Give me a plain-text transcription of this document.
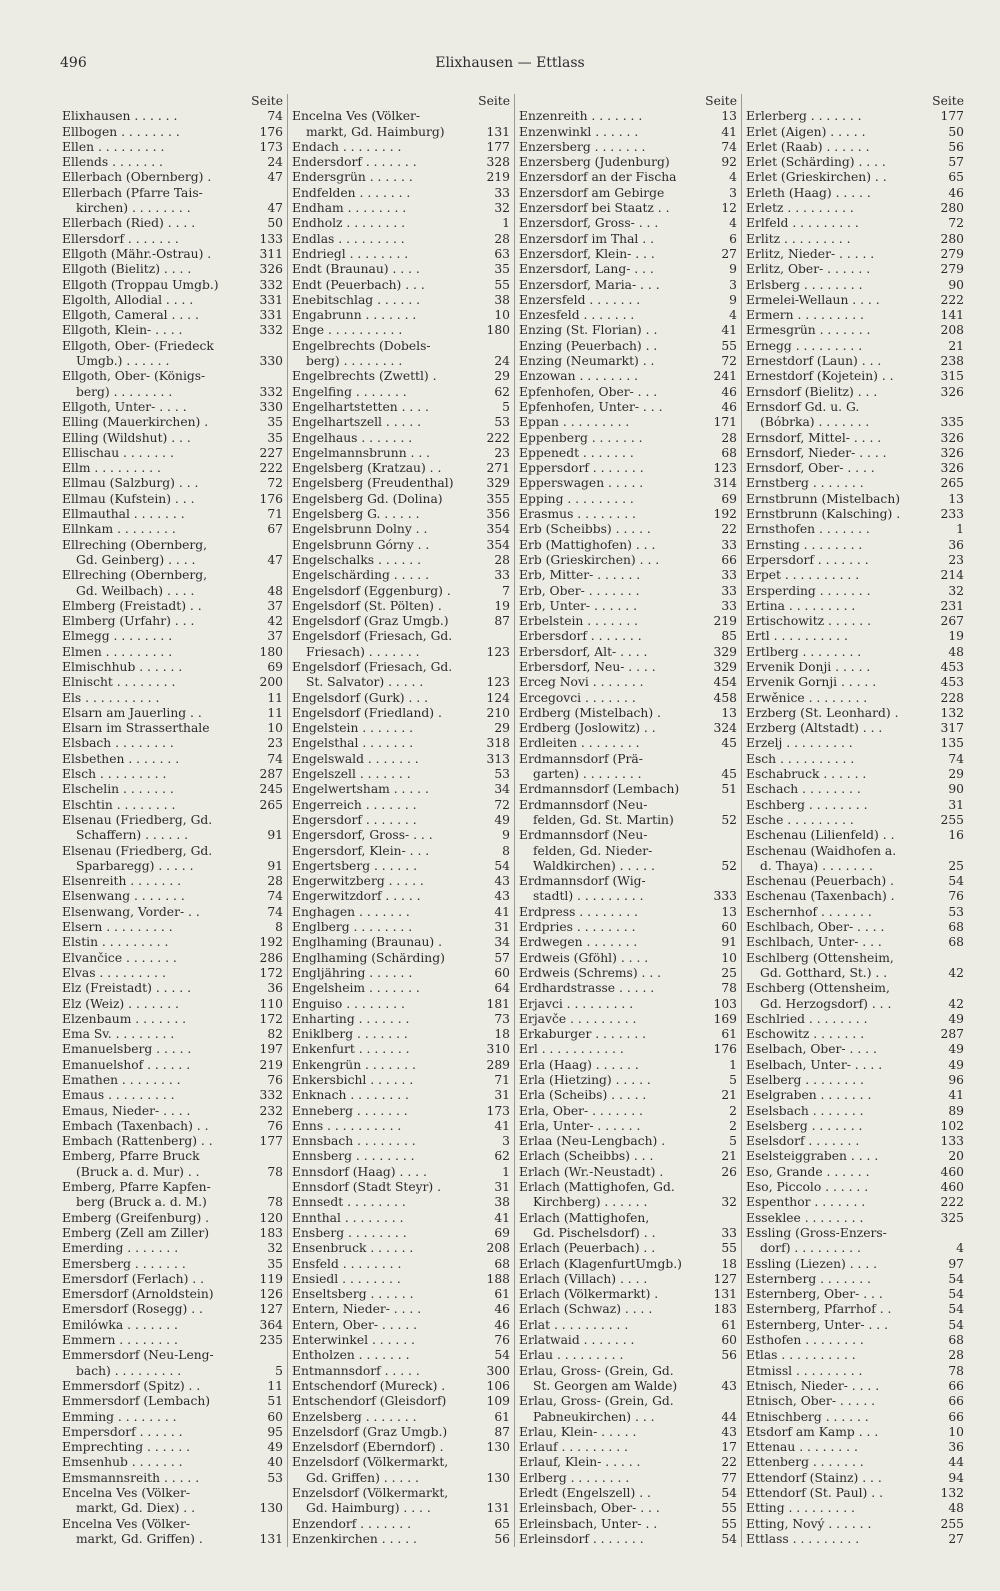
496	Elixhausen — Ettlass
Seite
74
Elixhausen . . . . . .
176
Ellbogen . . . . . . . .
173
Ellen . . . . . . . . .
24
Ellends . . . . . . .
47
Ellerbach (Obernberg) .
Ellerbach (Pfarre Tais-
47
kirchen) . . . . . . . .
50
Ellerbach (Ried) . . . .
133
Ellersdorf . . . . . . .
311
Ellgoth (Mähr.-Ostrau) .
326
Ellgoth (Bielitz) . . . .
332
Ellgoth (Troppau Umgb.)
331
Elgolth, Allodial . . . .
331
Ellgoth, Cameral . . . .
332
Ellgoth, Klein- . . . .
Ellgoth, Ober- (Friedeck
330
Umgb.) . . . . . .
Ellgoth, Ober- (Königs-
332
berg) . . . . . . . .
330
Ellgoth, Unter- . . . .
35
Elling (Mauerkirchen) .
35
Elling (Wildshut) . . .
227
Ellischau . . . . . . .
222
Ellm . . . . . . . . .
72
Ellmau (Salzburg) . . .
176
Ellmau (Kufstein) . . .
71
Ellmauthal . . . . . . .
67
Ellnkam . . . . . . . .
Ellreching (Obernberg,
47
Gd. Geinberg) . . . .
Ellreching (Obernberg,
48
Gd. Weilbach) . . . .
37
Elmberg (Freistadt) . .
42
Elmberg (Urfahr) . . .
37
Elmegg . . . . . . . .
180
Elmen . . . . . . . . .
69
Elmischhub . . . . . .
200
Elnischt . . . . . . . .
11
Els . . . . . . . . . .
11
Elsarn am Jauerling . .
10
Elsarn im Strasserthale
23
Elsbach . . . . . . . .
74
Elsbethen . . . . . . .
287
Elsch . . . . . . . . .
245
Elschelin . . . . . . .
265
Elschtin . . . . . . . .
Elsenau (Friedberg, Gd.
91
Schaffern) . . . . . .
Elsenau (Friedberg, Gd.
91
Sparbaregg) . . . . .
28
Elsenreith . . . . . . .
74
Elsenwang . . . . . . .
74
Elsenwang, Vorder- . .
8
Elsern . . . . . . . . .
192
Elstin . . . . . . . . .
286
Elvančice . . . . . . .
172
Elvas . . . . . . . . .
36
Elz (Freistadt) . . . . .
110
Elz (Weiz) . . . . . . .
172
Elzenbaum . . . . . . .
82
Ema Sv. . . . . . . . .
197
Emanuelsberg . . . . .
219
Emanuelshof . . . . . .
76
Emathen . . . . . . . .
332
Emaus . . . . . . . . .
232
Emaus, Nieder- . . . .
76
Embach (Taxenbach) . .
177
Embach (Rattenberg) . .
Emberg, Pfarre Bruck
78
(Bruck a. d. Mur) . .
Emberg, Pfarre Kapfen-
78
berg (Bruck a. d. M.)
120
Emberg (Greifenburg) .
183
Emberg (Zell am Ziller)
32
Emerding . . . . . . .
35
Emersberg . . . . . . .
119
Emersdorf (Ferlach) . .
126
Emersdorf (Arnoldstein)
127
Emersdorf (Rosegg) . .
364
Emilówka . . . . . . .
235
Emmern . . . . . . . .
Emmersdorf (Neu-Leng-
5
bach) . . . . . . . . .
11
Emmersdorf (Spitz) . .
51
Emmersdorf (Lembach)
60
Emming . . . . . . . .
95
Empersdorf . . . . . .
49
Emprechting . . . . . .
40
Emsenhub . . . . . . .
53
Emsmannsreith . . . . .
Encelna Ves (Völker-
130
markt, Gd. Diex) . .
Encelna Ves (Völker-
131
markt, Gd. Griffen) .
Seite
Encelna Ves (Völker-
131
markt, Gd. Haimburg)
177
Endach . . . . . . . .
328
Endersdorf . . . . . . .
219
Endersgrün . . . . . .
33
Endfelden . . . . . . .
32
Endham . . . . . . . .
1
Endholz . . . . . . . .
28
Endlas . . . . . . . . .
63
Endriegl . . . . . . . .
35
Endt (Braunau) . . . .
55
Endt (Peuerbach) . . .
38
Enebitschlag . . . . . .
10
Engabrunn . . . . . . .
180
Enge . . . . . . . . . .
Engelbrechts (Dobels-
24
berg) . . . . . . . .
29
Engelbrechts (Zwettl) .
62
Engelfing . . . . . . .
5
Engelhartstetten . . . .
53
Engelhartszell . . . . .
222
Engelhaus . . . . . . .
23
Engelmannsbrunn . . .
271
Engelsberg (Kratzau) . .
329
Engelsberg (Freudenthal)
355
Engelsberg Gd. (Dolina)
356
Engelsberg G. . . . . .
354
Engelsbrunn Dolny . .
354
Engelsbrunn Górny . .
28
Engelschalks . . . . . .
33
Engelschärding . . . . .
7
Engelsdorf (Eggenburg) .
19
Engelsdorf (St. Pölten) .
87
Engelsdorf (Graz Umgb.)
Engelsdorf (Friesach, Gd.
123
Friesach) . . . . . . .
Engelsdorf (Friesach, Gd.
123
St. Salvator) . . . . .
124
Engelsdorf (Gurk) . . .
210
Engelsdorf (Friedland) .
29
Engelstein . . . . . . .
318
Engelsthal . . . . . . .
313
Engelswald . . . . . . .
53
Engelszell . . . . . . .
34
Engelwertsham . . . . .
72
Engerreich . . . . . . .
49
Engersdorf . . . . . . .
9
Engersdorf, Gross- . . .
8
Engersdorf, Klein- . . .
54
Engertsberg . . . . . .
43
Engerwitzberg . . . . .
43
Engerwitzdorf . . . . .
41
Enghagen . . . . . . .
31
Englberg . . . . . . . .
34
Englhaming (Braunau) .
57
Englhaming (Schärding)
60
Engljähring . . . . . .
64
Engelsheim . . . . . . .
181
Enguiso . . . . . . . .
73
Enharting . . . . . . .
18
Eniklberg . . . . . . .
310
Enkenfurt . . . . . . .
289
Enkengrün . . . . . . .
71
Enkersbichl . . . . . .
31
Enknach . . . . . . . .
173
Enneberg . . . . . . .
41
Enns . . . . . . . . . .
3
Ennsbach . . . . . . . .
62
Ennsberg . . . . . . . .
1
Ennsdorf (Haag) . . . .
31
Ennsdorf (Stadt Steyr) .
38
Ennsedt . . . . . . . .
41
Ennthal . . . . . . . .
69
Ensberg . . . . . . . .
208
Ensenbruck . . . . . .
68
Ensfeld . . . . . . . .
188
Ensiedl . . . . . . . .
61
Enseltsberg . . . . . .
46
Entern, Nieder- . . . .
46
Entern, Ober- . . . . .
76
Enterwinkel . . . . . .
54
Entholzen . . . . . . .
300
Entmannsdorf . . . . .
106
Entschendorf (Mureck) .
109
Entschendorf (Gleisdorf)
61
Enzelsberg . . . . . . .
87
Enzelsdorf (Graz Umgb.)
130
Enzelsdorf (Eberndorf) .
Enzelsdorf (Völkermarkt,
130
Gd. Griffen) . . . . .
Enzelsdorf (Völkermarkt,
131
Gd. Haimburg) . . . .
65
Enzendorf . . . . . . .
56
Enzenkirchen . . . . .
Seite
13
Enzenreith . . . . . . .
41
Enzenwinkl . . . . . .
74
Enzersberg . . . . . . .
92
Enzersberg (Judenburg)
4
Enzersdorf an der Fischa
3
Enzersdorf am Gebirge
12
Enzersdorf bei Staatz . .
4
Enzersdorf, Gross- . . .
6
Enzersdorf im Thal . .
27
Enzersdorf, Klein- . . .
9
Enzersdorf, Lang- . . .
3
Enzersdorf, Maria- . . .
9
Enzersfeld . . . . . . .
4
Enzesfeld . . . . . . .
41
Enzing (St. Florian) . .
55
Enzing (Peuerbach) . .
72
Enzing (Neumarkt) . .
241
Enzowan . . . . . . . .
46
Epfenhofen, Ober- . . .
46
Epfenhofen, Unter- . . .
171
Eppan . . . . . . . . .
28
Eppenberg . . . . . . .
68
Eppenedt . . . . . . .
123
Eppersdorf . . . . . . .
314
Epperswagen . . . . .
69
Epping . . . . . . . . .
192
Erasmus . . . . . . . .
22
Erb (Scheibbs) . . . . .
33
Erb (Mattighofen) . . .
66
Erb (Grieskirchen) . . .
33
Erb, Mitter- . . . . . .
33
Erb, Ober- . . . . . . .
33
Erb, Unter- . . . . . .
219
Erbelstein . . . . . . .
85
Erbersdorf . . . . . . .
329
Erbersdorf, Alt- . . . .
329
Erbersdorf, Neu- . . . .
454
Erceg Novi . . . . . . .
458
Ercegovci . . . . . . .
13
Erdberg (Mistelbach) .
324
Erdberg (Joslowitz) . .
45
Erdleiten . . . . . . . .
Erdmannsdorf (Prä-
45
garten) . . . . . . . .
51
Erdmannsdorf (Lembach)
Erdmannsdorf (Neu-
52
felden, Gd. St. Martin)
Erdmannsdorf (Neu-
felden, Gd. Nieder-
52
Waldkirchen) . . . . .
Erdmannsdorf (Wig-
333
stadtl) . . . . . . . . .
13
Erdpress . . . . . . . .
60
Erdpries . . . . . . . .
91
Erdwegen . . . . . . .
10
Erdweis (Gföhl) . . . .
25
Erdweis (Schrems) . . .
78
Erdhardstrasse . . . . .
103
Erjavci . . . . . . . . .
169
Erjavče . . . . . . . . .
61
Erkaburger . . . . . . .
176
Erl . . . . . . . . . . .
1
Erla (Haag) . . . . . .
5
Erla (Hietzing) . . . . .
21
Erla (Scheibs) . . . . .
2
Erla, Ober- . . . . . . .
2
Erla, Unter- . . . . . .
5
Erlaa (Neu-Lengbach) .
21
Erlach (Scheibbs) . . .
26
Erlach (Wr.-Neustadt) .
Erlach (Mattighofen, Gd.
32
Kirchberg) . . . . . .
Erlach (Mattighofen,
33
Gd. Pischelsdorf) . .
55
Erlach (Peuerbach) . .
18
Erlach (KlagenfurtUmgb.)
127
Erlach (Villach) . . . .
131
Erlach (Völkermarkt) .
183
Erlach (Schwaz) . . . .
61
Erlat . . . . . . . . . .
60
Erlatwaid . . . . . . .
56
Erlau . . . . . . . . .
Erlau, Gross- (Grein, Gd.
43
St. Georgen am Walde)
Erlau, Gross- (Grein, Gd.
44
Pabneukirchen) . . .
43
Erlau, Klein- . . . . .
17
Erlauf . . . . . . . . .
22
Erlauf, Klein- . . . . .
77
Erlberg . . . . . . . .
54
Erledt (Engelszell) . .
55
Erleinsbach, Ober- . . .
55
Erleinsbach, Unter- . .
54
Erleinsdorf . . . . . . .
Seite
177
Erlerberg . . . . . . .
50
Erlet (Aigen) . . . . .
56
Erlet (Raab) . . . . . .
57
Erlet (Schärding) . . . .
65
Erlet (Grieskirchen) . .
46
Erleth (Haag) . . . . .
280
Erletz . . . . . . . . .
72
Erlfeld . . . . . . . . .
280
Erlitz . . . . . . . . .
279
Erlitz, Nieder- . . . . .
279
Erlitz, Ober- . . . . . .
90
Erlsberg . . . . . . . .
222
Ermelei-Wellaun . . . .
141
Ermern . . . . . . . . .
208
Ermesgrün . . . . . . .
21
Ernegg . . . . . . . . .
238
Ernestdorf (Laun) . . .
315
Ernestdorf (Kojetein) . .
326
Ernsdorf (Bielitz) . . .
Ernsdorf Gd. u. G.
335
(Bóbrka) . . . . . . .
326
Ernsdorf, Mittel- . . . .
326
Ernsdorf, Nieder- . . . .
326
Ernsdorf, Ober- . . . .
265
Ernstberg . . . . . . .
13
Ernstbrunn (Mistelbach)
233
Ernstbrunn (Kalsching) .
1
Ernsthofen . . . . . . .
36
Ernsting . . . . . . . .
23
Erpersdorf . . . . . . .
214
Erpet . . . . . . . . . .
32
Ersperding . . . . . . .
231
Ertina . . . . . . . . .
267
Ertischowitz . . . . . .
19
Ertl . . . . . . . . . .
48
Ertlberg . . . . . . . .
453
Ervenik Donji . . . . .
453
Ervenik Gornji . . . . .
228
Erwěnice . . . . . . . .
132
Erzberg (St. Leonhard) .
317
Erzberg (Altstadt) . . .
135
Erzelj . . . . . . . . .
74
Esch . . . . . . . . . .
29
Eschabruck . . . . . .
90
Eschach . . . . . . . .
31
Eschberg . . . . . . . .
255
Esche . . . . . . . . .
16
Eschenau (Lilienfeld) . .
Eschenau (Waidhofen a.
25
d. Thaya) . . . . . . .
54
Eschenau (Peuerbach) .
76
Eschenau (Taxenbach) .
53
Eschernhof . . . . . . .
68
Eschlbach, Ober- . . . .
68
Eschlbach, Unter- . . .
Eschlberg (Ottensheim,
42
Gd. Gotthard, St.) . .
Eschberg (Ottensheim,
42
Gd. Herzogsdorf) . . .
49
Eschlried . . . . . . . .
287
Eschowitz . . . . . . .
49
Eselbach, Ober- . . . .
49
Eselbach, Unter- . . . .
96
Eselberg . . . . . . . .
41
Eselgraben . . . . . . .
89
Eselsbach . . . . . . .
102
Eselsberg . . . . . . .
133
Eselsdorf . . . . . . .
20
Eselsteiggraben . . . .
460
Eso, Grande . . . . . .
460
Eso, Piccolo . . . . . .
222
Espenthor . . . . . . .
325
Esseklee . . . . . . . .
Essling (Gross-Enzers-
4
dorf) . . . . . . . . .
97
Essling (Liezen) . . . .
54
Esternberg . . . . . . .
54
Esternberg, Ober- . . .
54
Esternberg, Pfarrhof . .
54
Esternberg, Unter- . . .
68
Esthofen . . . . . . . .
28
Etlas . . . . . . . . . .
78
Etmissl . . . . . . . . .
66
Etnisch, Nieder- . . . .
66
Etnisch, Ober- . . . . .
66
Etnischberg . . . . . .
10
Etsdorf am Kamp . . .
36
Ettenau . . . . . . . .
44
Ettenberg . . . . . . .
94
Ettendorf (Stainz) . . .
132
Ettendorf (St. Paul) . .
48
Etting . . . . . . . . .
255
Etting, Nový . . . . . .
27
Ettlass . . . . . . . . .
